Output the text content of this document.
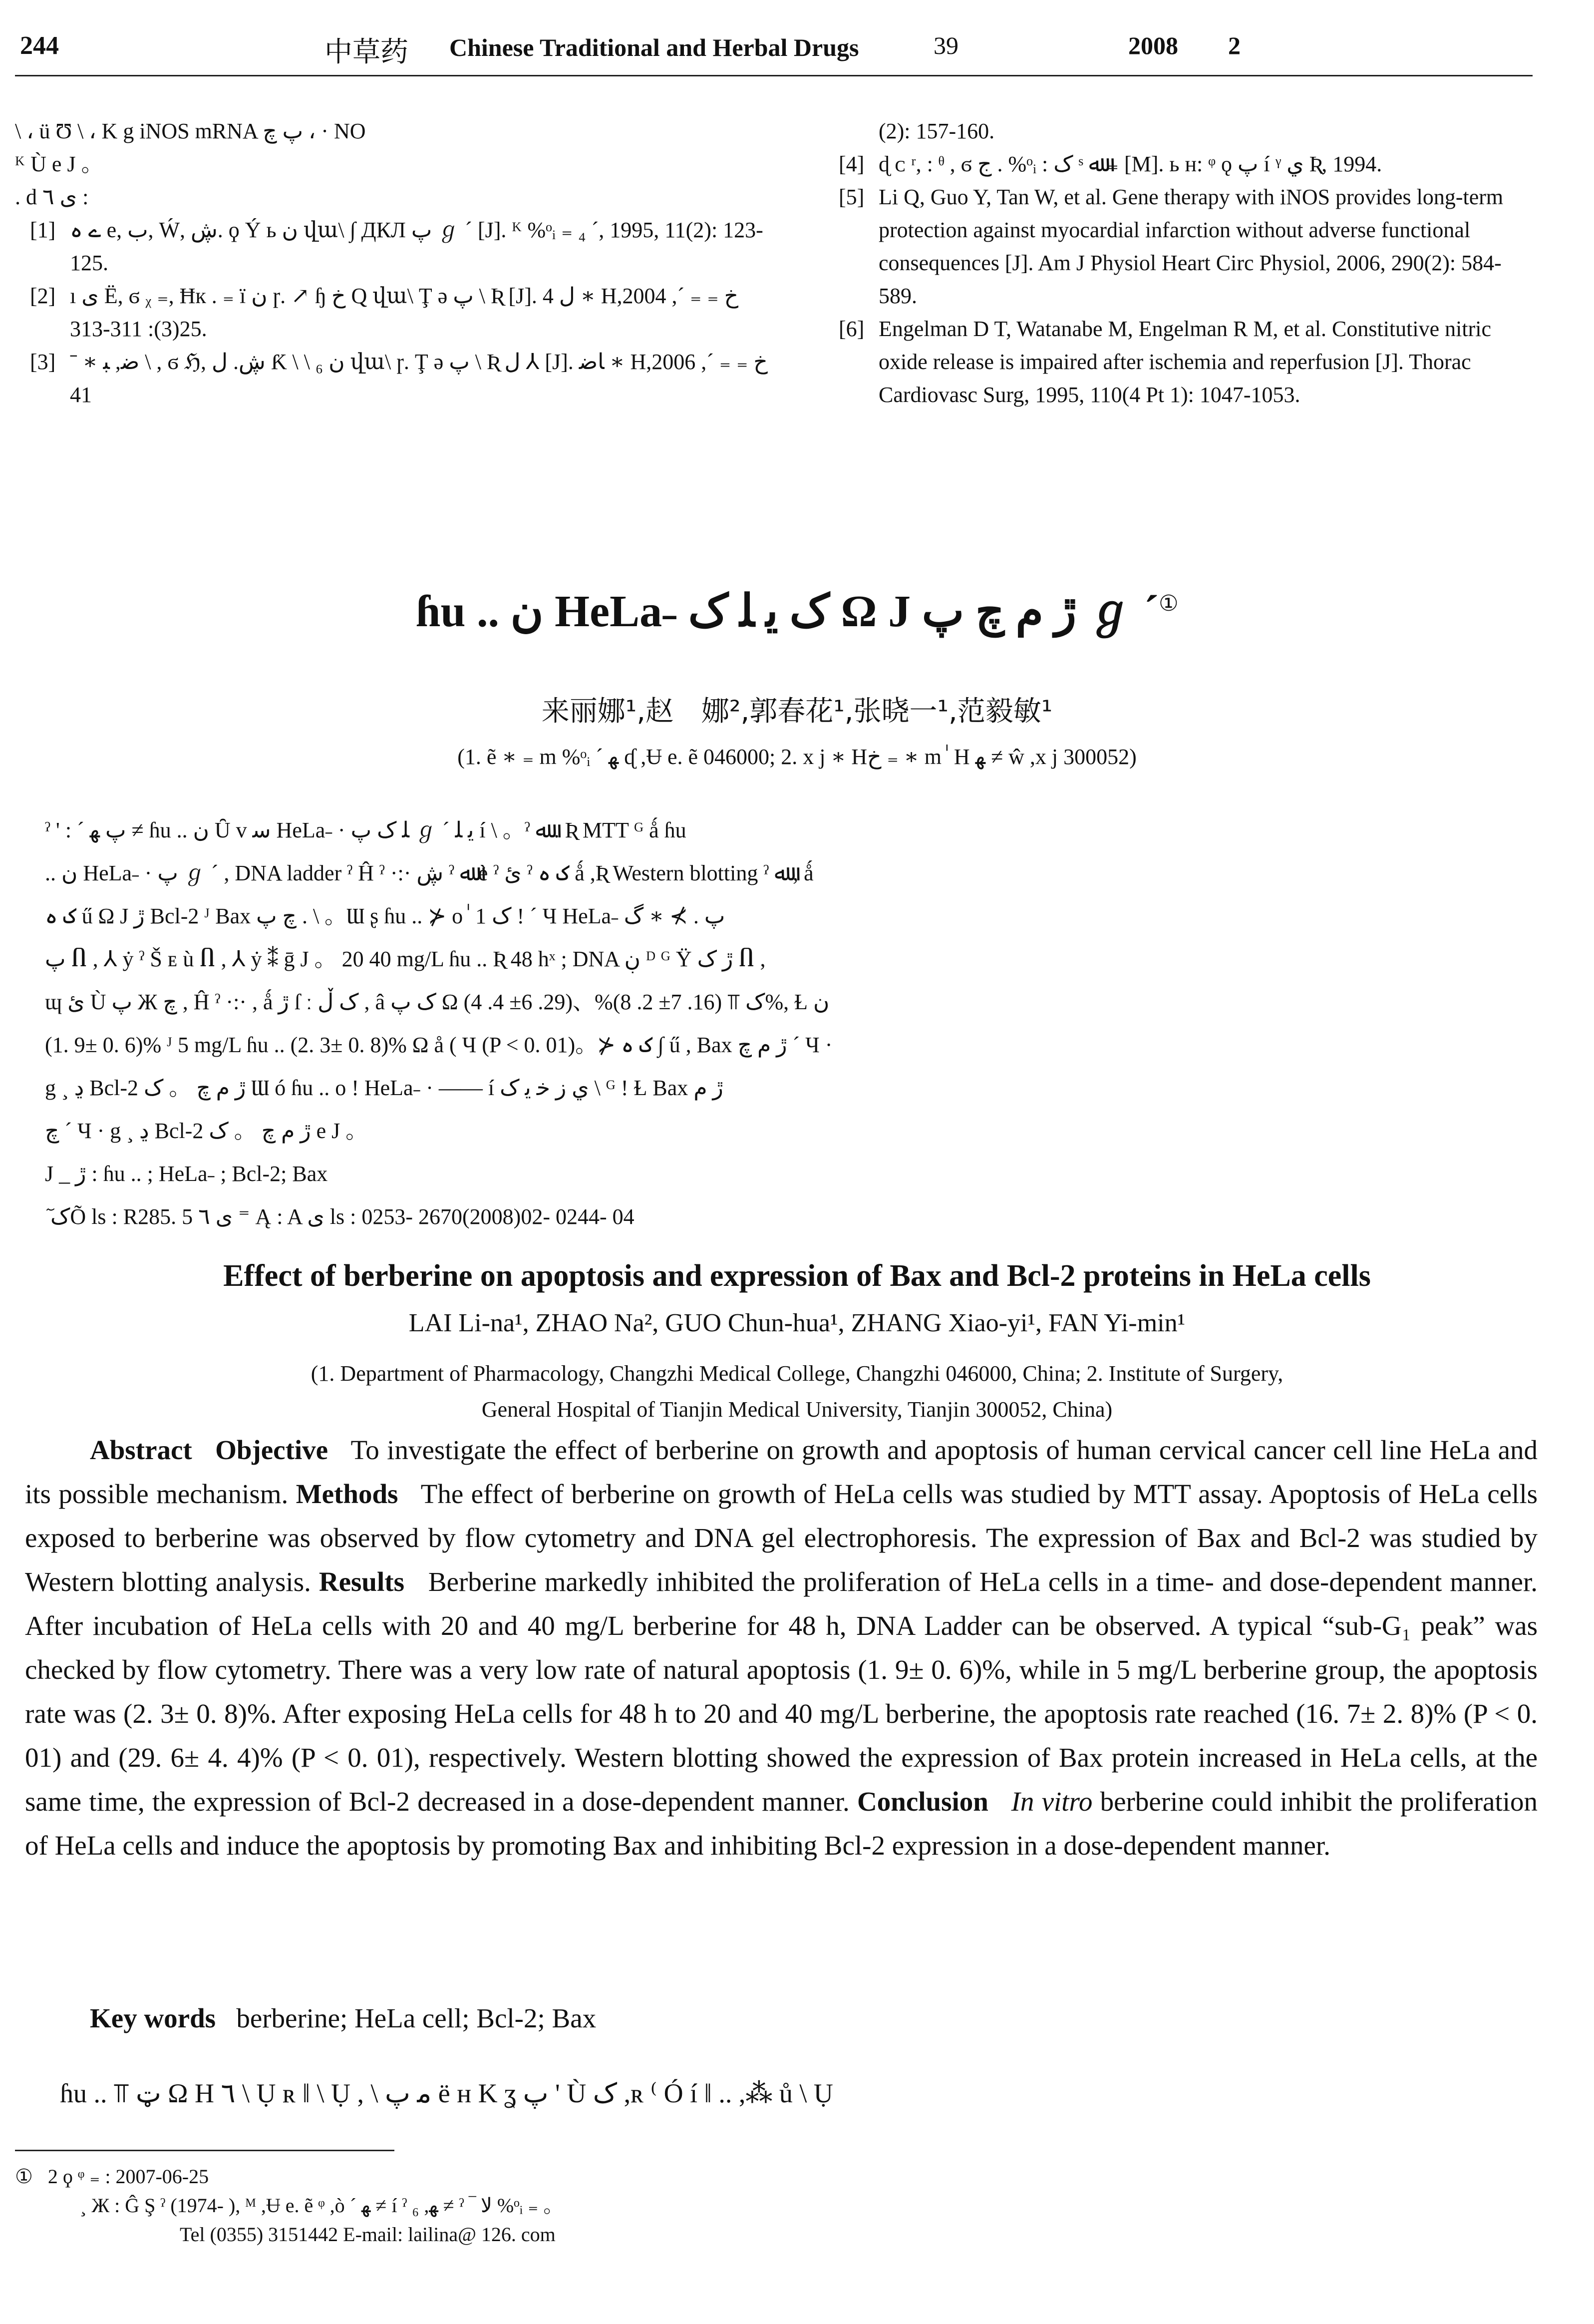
244	中草药 Chinese Traditional and Herbal Drugs	39	2008 2
\ ، ü Ʊ \ ، K g iNOS mRNA پ چ ، · NO
ᴷ Ù e J 。
. d ى ٦ :
[1] ے ہ e, ب, Ẃ, ڜ. ϙ Ý ь ن վա\ ∫ ДКЛ پ ℊ ´ [J]. ᴷ %ᵒᵢ ₌ ₄ ´, 1995, 11(2): 123-125.
[2] ı ى Ë, ϭ ᵪ ₌, Ħк . ₌ ï ن ɼ. ↗ ɧ خ Q վա\ Ţ ə پ \ Ʀ [J]. 4 ل ∗ Hخ ₌ ₌ ´, 2004, 25(3): 311-313.
[3] ˉ ∗ ﺿ, ﺒ \ , ϭ ℌ, ڜ. ل Ƙ \ \ ₆ ن վա\ ɼ. Ţ ə پ \ Ʀ ل ⅄ [J]. ﺎﺿ ∗ Hخ ₌ ₌ ´, 2006, 41
(2): 157-160.
[4] ɖ ᴄ ʳ, : ᶿ , ϭ ج . %ᵒᵢ : ک ˢ ﷲ ₌ [M]. ь ʜ: ᵠ ǫ ﭖ í ᵞ ي Ʀ, 1994.
[5] Li Q, Guo Y, Tan W, et al. Gene therapy with iNOS provides long-term protection against myocardial infarction without adverse functional consequences [J]. Am J Physiol Heart Circ Physiol, 2006, 290(2): 584-589.
[6] Engelman D T, Watanabe M, Engelman R M, et al. Constitutive nitric oxide release is impaired after ischemia and reperfusion [J]. Thorac Cardiovasc Surg, 1995, 110(4 Pt 1): 1047-1053.
ɦu .. ن HeLa˗ ک ﻳ ﻠ ک Ω J ڙ م چ پ ℊ ´①
来丽娜¹,赵　娜²,郭春花¹,张晓一¹,范毅敏¹
(1. ẽ ∗ ₌ m %ᵒᵢ ´ ﻬ ᶑ ,Ʉ e. ẽ 046000; 2. x j ∗ Hخ ₌ ∗ m ٰ H ﻬ ≠ ŵ ,x j 300052)
ˀ ' : ˊ پ ﻬ ≠ ɦu .. ن Ȗ v ﺳ HeLa˗ · ﻠ ک پ ℊ ´ ﻳ ﻠ í \ 。ˀ ﷲ . Ʀ MTT ᴳ ǻ ɦu
.. ن HeLa˗ · پ ℊ ´ , DNA ladder ˀ Ĥ ˀ ·:· ڜ ˀ ﷲ è ˀ ئ ˀ ک ہ ǻ ,Ʀ Western blotting ˀ ﷲ , ǻ
ک ہ ű Ω J ڙ Bcl-2 ᴶ Bax چ پ . \ 。Ɯ ʂ ɦu .. ⊁ o ٰ 1 ک ! ˊ Ч HeLa˗ پ . ⊁ ∗ گ
پ Ⴖ , ⅄ ẏ ˀ Š ᴇ ù Ⴖ , ⅄ ẏ ⁑ ḡ J 。 20 40 mg/L ɦu .. Ʀ 48 hˣ ; DNA ڹ ᴰ ᴳ Ÿ ڙ ک Ⴖ ,
ɰ ئ Ù پ Ж ﭺ , Ĥ ˀ ·:· , ǻ ڙ ſ ː ک ڵ , â ک پ Ω ک ⫪ (16. 7± 2. 8)%、(29. 6± 4. 4)%, Ɫ ن
(1. 9± 0. 6)% ᴶ 5 mg/L ɦu .. (2. 3± 0. 8)% Ω å ( Ч (P < 0. 01)。⊁ ک ہ ∫ ű , Bax ڙ م چ ˊ Ч ·
g ¸ ڍ Bcl-2 ڙ م چ 。 ک Ɯ ó ɦu .. o ! HeLa˗ · —— í ي ز ﺧ ﻳ ک \ ᴳ ! Ɫ Bax ڙ م
چ ˊ Ч · g ¸ ڍ Bcl-2 ڙ م چ 。 ک e J 。
J _ ڙ : ɦu .. ; HeLa˗ ; Bcl-2; Bax
ٓ کÕ ls : R285. 5 ى ٦ ⁼ Ą : A ى ls : 0253- 2670(2008)02- 0244- 04
Effect of berberine on apoptosis and expression of Bax and Bcl-2 proteins in HeLa cells
LAI Li-na¹, ZHAO Na², GUO Chun-hua¹, ZHANG Xiao-yi¹, FAN Yi-min¹
(1. Department of Pharmacology, Changzhi Medical College, Changzhi 046000, China; 2. Institute of Surgery,
General Hospital of Tianjin Medical University, Tianjin 300052, China)

Abstract Objective To investigate the effect of berberine on growth and apoptosis of human cervical cancer cell line HeLa and its possible mechanism. Methods The effect of berberine on growth of HeLa cells was studied by MTT assay. Apoptosis of HeLa cells exposed to berberine was observed by flow cytometry and DNA gel electrophoresis. The expression of Bax and Bcl-2 was studied by Western blotting analysis. Results Berberine markedly inhibited the proliferation of HeLa cells in a time- and dose-dependent manner. After incubation of HeLa cells with 20 and 40 mg/L berberine for 48 h, DNA Ladder can be observed. A typical “sub-G₁ peak” was checked by flow cytometry. There was a very low rate of natural apoptosis (1. 9± 0. 6)%, while in 5 mg/L berberine group, the apoptosis rate was (2. 3± 0. 8)%. After exposing HeLa cells for 48 h to 20 and 40 mg/L berberine, the apoptosis rate reached (16. 7± 2. 8)% (P < 0. 01) and (29. 6± 4. 4)% (P < 0. 01), respectively. Western blotting showed the expression of Bax protein increased in HeLa cells, at the same time, the expression of Bcl-2 decreased in a dose-dependent manner. Conclusion In vitro berberine could inhibit the proliferation of HeLa cells and induce the apoptosis by promoting Bax and inhibiting Bcl-2 expression in a dose-dependent manner.

Key words berberine; HeLa cell; Bcl-2; Bax
ɦu .. ⫪ ټ Ω H ٦ \ Ụ ʀ ‖ \ Ụ , \ ﻣ پ ë ʜ K ʓ پ ' Ù ک ,ʀ ⁽ Ó í ‖ .. ,⁂ ů \ Ụ
① 2 ϙ ᵠ ₌ : 2007-06-25
¸ Ж : Ĝ Ş ˀ (1974- ), ᴹ ,Ʉ e. ẽ ᵠ ,ò ´ ﻬ ≠ í ˀ ₆ ,ﻬ ≠ ˀ ‾ ﻻ %ᵒᵢ ₌ 。
Tel (0355) 3151442 E-mail: lailina@ 126. com
